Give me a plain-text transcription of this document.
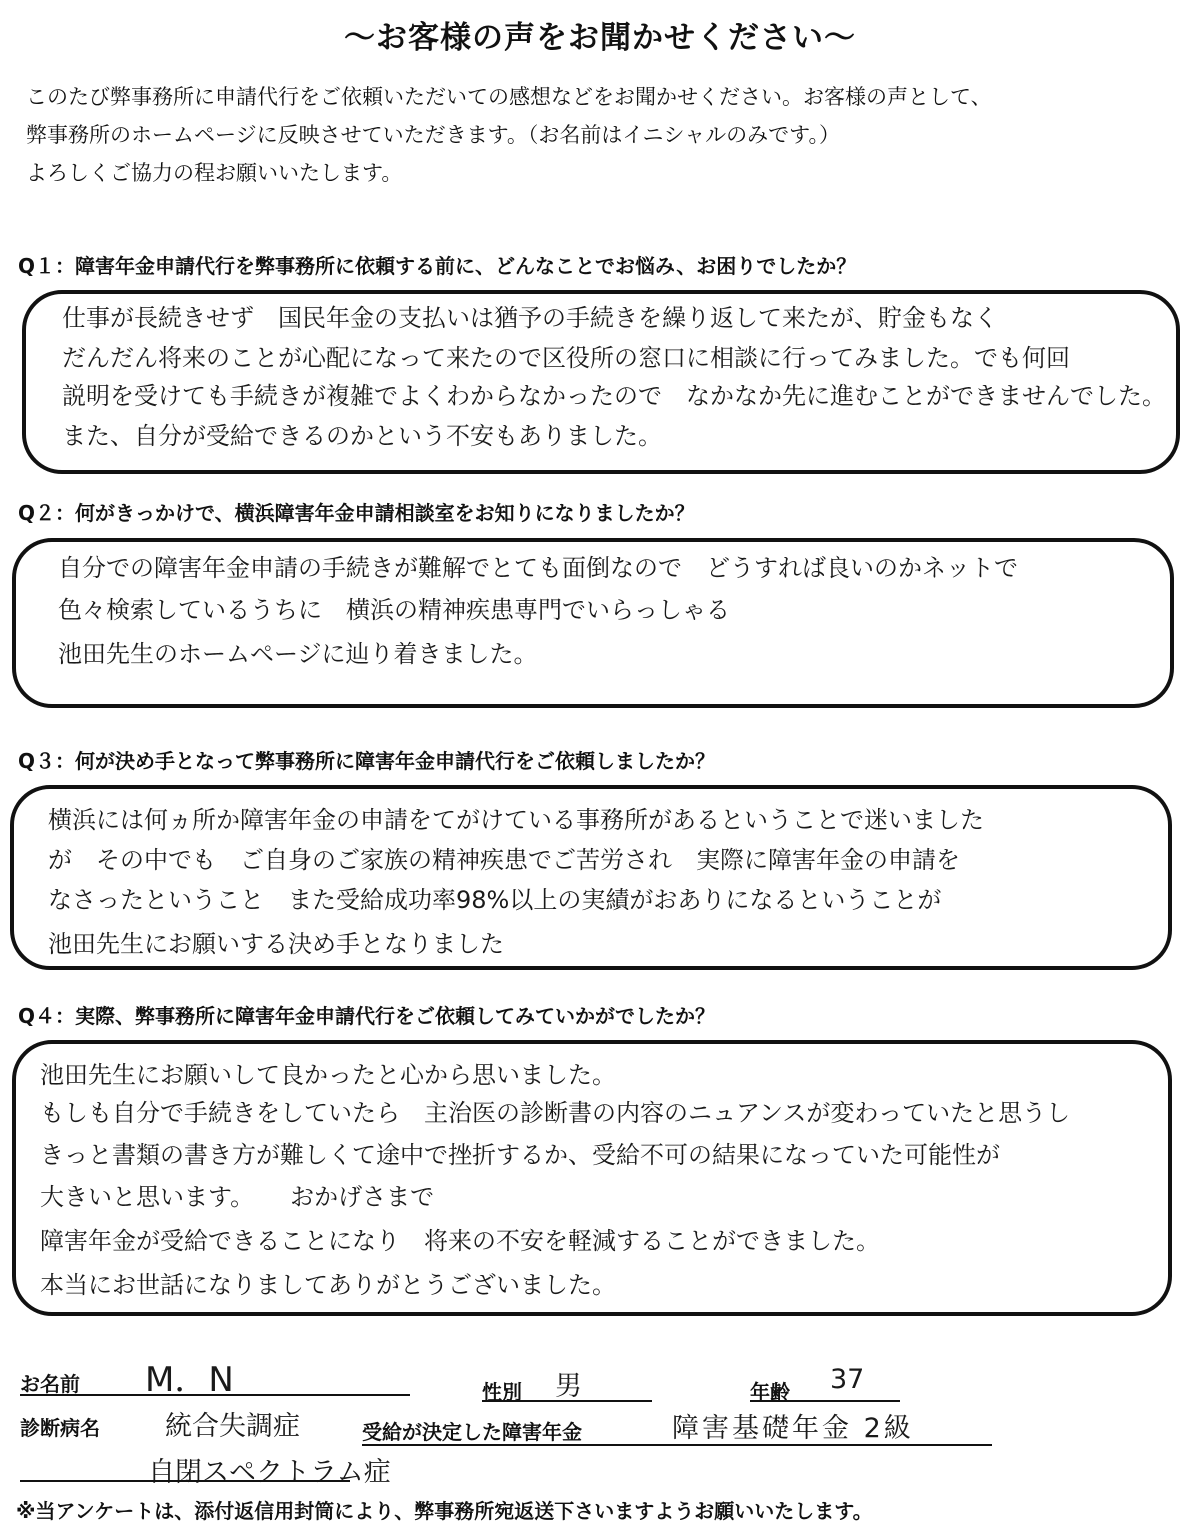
～お客様の声をお聞かせください～
このたび弊事務所に申請代行をご依頼いただいての感想などをお聞かせください。お客様の声として、
弊事務所のホームページに反映させていただきます。（お名前はイニシャルのみです。）
よろしくご協力の程お願いいたします。
Q１：障害年金申請代行を弊事務所に依頼する前に、どんなことでお悩み、お困りでしたか？
仕事が長続きせず　国民年金の支払いは猶予の手続きを繰り返して来たが、貯金もなく
だんだん将来のことが心配になって来たので区役所の窓口に相談に行ってみました。でも何回
説明を受けても手続きが複雑でよくわからなかったので　なかなか先に進むことができませんでした。
また、自分が受給できるのかという不安もありました。
Q２：何がきっかけで、横浜障害年金申請相談室をお知りになりましたか？
自分での障害年金申請の手続きが難解でとても面倒なので　どうすれば良いのかネットで
色々検索しているうちに　横浜の精神疾患専門でいらっしゃる
池田先生のホームページに辿り着きました。
Q３：何が決め手となって弊事務所に障害年金申請代行をご依頼しましたか？
横浜には何ヵ所か障害年金の申請をてがけている事務所があるということで迷いました
が　その中でも　ご自身のご家族の精神疾患でご苦労され　実際に障害年金の申請を
なさったということ　また受給成功率98%以上の実績がおありになるということが
池田先生にお願いする決め手となりました
Q４：実際、弊事務所に障害年金申請代行をご依頼してみていかがでしたか？
池田先生にお願いして良かったと心から思いました。
もしも自分で手続きをしていたら　主治医の診断書の内容のニュアンスが変わっていたと思うし
きっと書類の書き方が難しくて途中で挫折するか、受給不可の結果になっていた可能性が
大きいと思います。　　おかげさまで
障害年金が受給できることになり　将来の不安を軽減することができました。
本当にお世話になりましてありがとうございました。
お名前 M．N	性別 男	年齢 37
診断病名 統合失調症
自閉スペクトラム症
受給が決定した障害年金	障害基礎年金 2級
※当アンケートは、添付返信用封筒により、弊事務所宛返送下さいますようお願いいたします。
